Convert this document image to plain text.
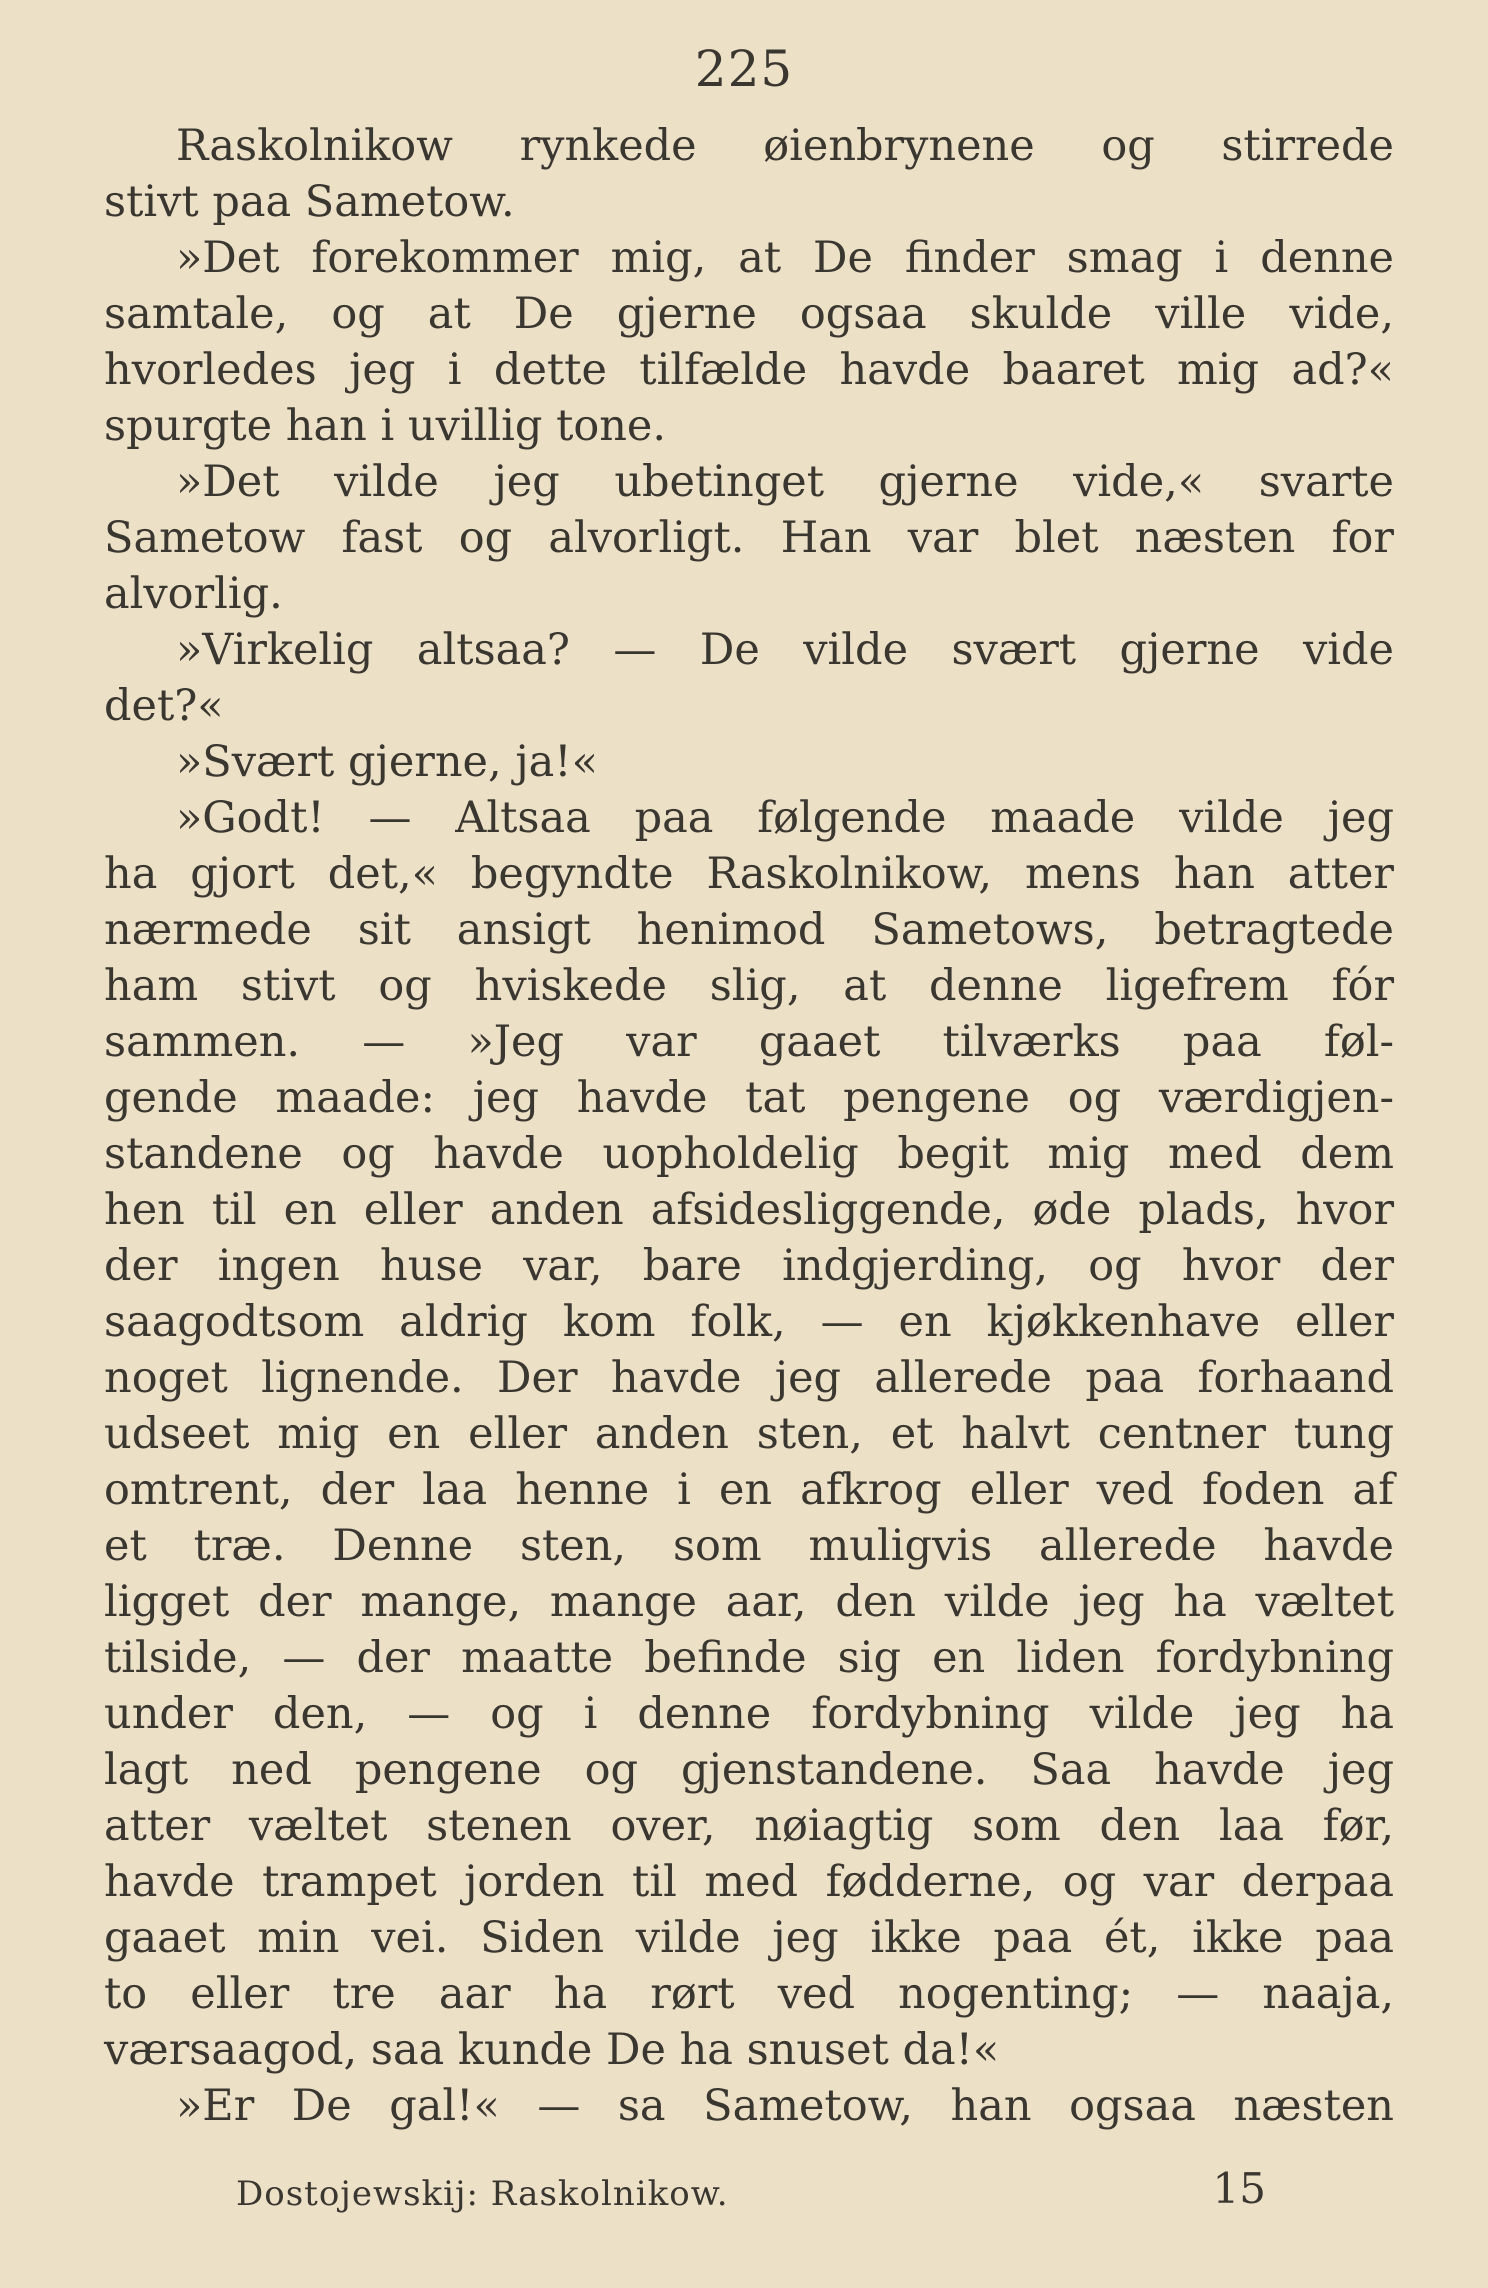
225
Raskolnikow rynkede øienbrynene og stirrede
stivt paa Sametow.
»Det forekommer mig, at De finder smag i denne
samtale, og at De gjerne ogsaa skulde ville vide,
hvorledes jeg i dette tilfælde havde baaret mig ad?«
spurgte han i uvillig tone.
»Det vilde jeg ubetinget gjerne vide,« svarte
Sametow fast og alvorligt. Han var blet næsten for
alvorlig.
»Virkelig altsaa? — De vilde svært gjerne vide
det?«
»Svært gjerne, ja!«
»Godt! — Altsaa paa følgende maade vilde jeg
ha gjort det,« begyndte Raskolnikow, mens han atter
nærmede sit ansigt henimod Sametows, betragtede
ham stivt og hviskede slig, at denne ligefrem fór
sammen. — »Jeg var gaaet tilværks paa føl-
gende maade: jeg havde tat pengene og værdigjen-
standene og havde uopholdelig begit mig med dem
hen til en eller anden afsidesliggende, øde plads, hvor
der ingen huse var, bare indgjerding, og hvor der
saagodtsom aldrig kom folk, — en kjøkkenhave eller
noget lignende. Der havde jeg allerede paa forhaand
udseet mig en eller anden sten, et halvt centner tung
omtrent, der laa henne i en afkrog eller ved foden af
et træ. Denne sten, som muligvis allerede havde
ligget der mange, mange aar, den vilde jeg ha væltet
tilside, — der maatte befinde sig en liden fordybning
under den, — og i denne fordybning vilde jeg ha
lagt ned pengene og gjenstandene. Saa havde jeg
atter væltet stenen over, nøiagtig som den laa før,
havde trampet jorden til med fødderne, og var derpaa
gaaet min vei. Siden vilde jeg ikke paa ét, ikke paa
to eller tre aar ha rørt ved nogenting; — naaja,
værsaagod, saa kunde De ha snuset da!«
»Er De gal!« — sa Sametow, han ogsaa næsten
Dostojewskij: Raskolnikow.	15
